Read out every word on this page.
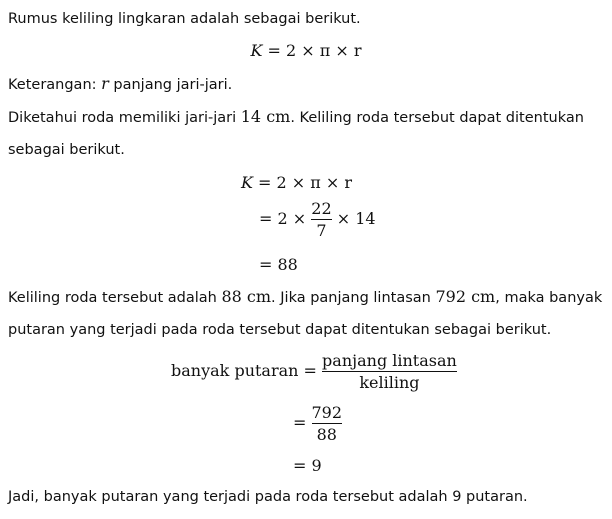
Rumus keliling lingkaran adalah sebagai berikut.
K = 2 × π × r
Keterangan: r panjang jari-jari.
Diketahui roda memiliki jari-jari 14 cm. Keliling roda tersebut dapat ditentukan
sebagai berikut.
K = 2 × π × r
= $2 \times \frac{22}{7} \times 14$
= 88
Keliling roda tersebut adalah 88 cm. Jika panjang lintasan 792 cm, maka banyak
putaran yang terjadi pada roda tersebut dapat ditentukan sebagai berikut.
banyak putaran = $\frac{\text{panjang lintasan}}{\text{keliling}}$
= $\frac{792}{88}$
= 9
Jadi, banyak putaran yang terjadi pada roda tersebut adalah 9 putaran.
